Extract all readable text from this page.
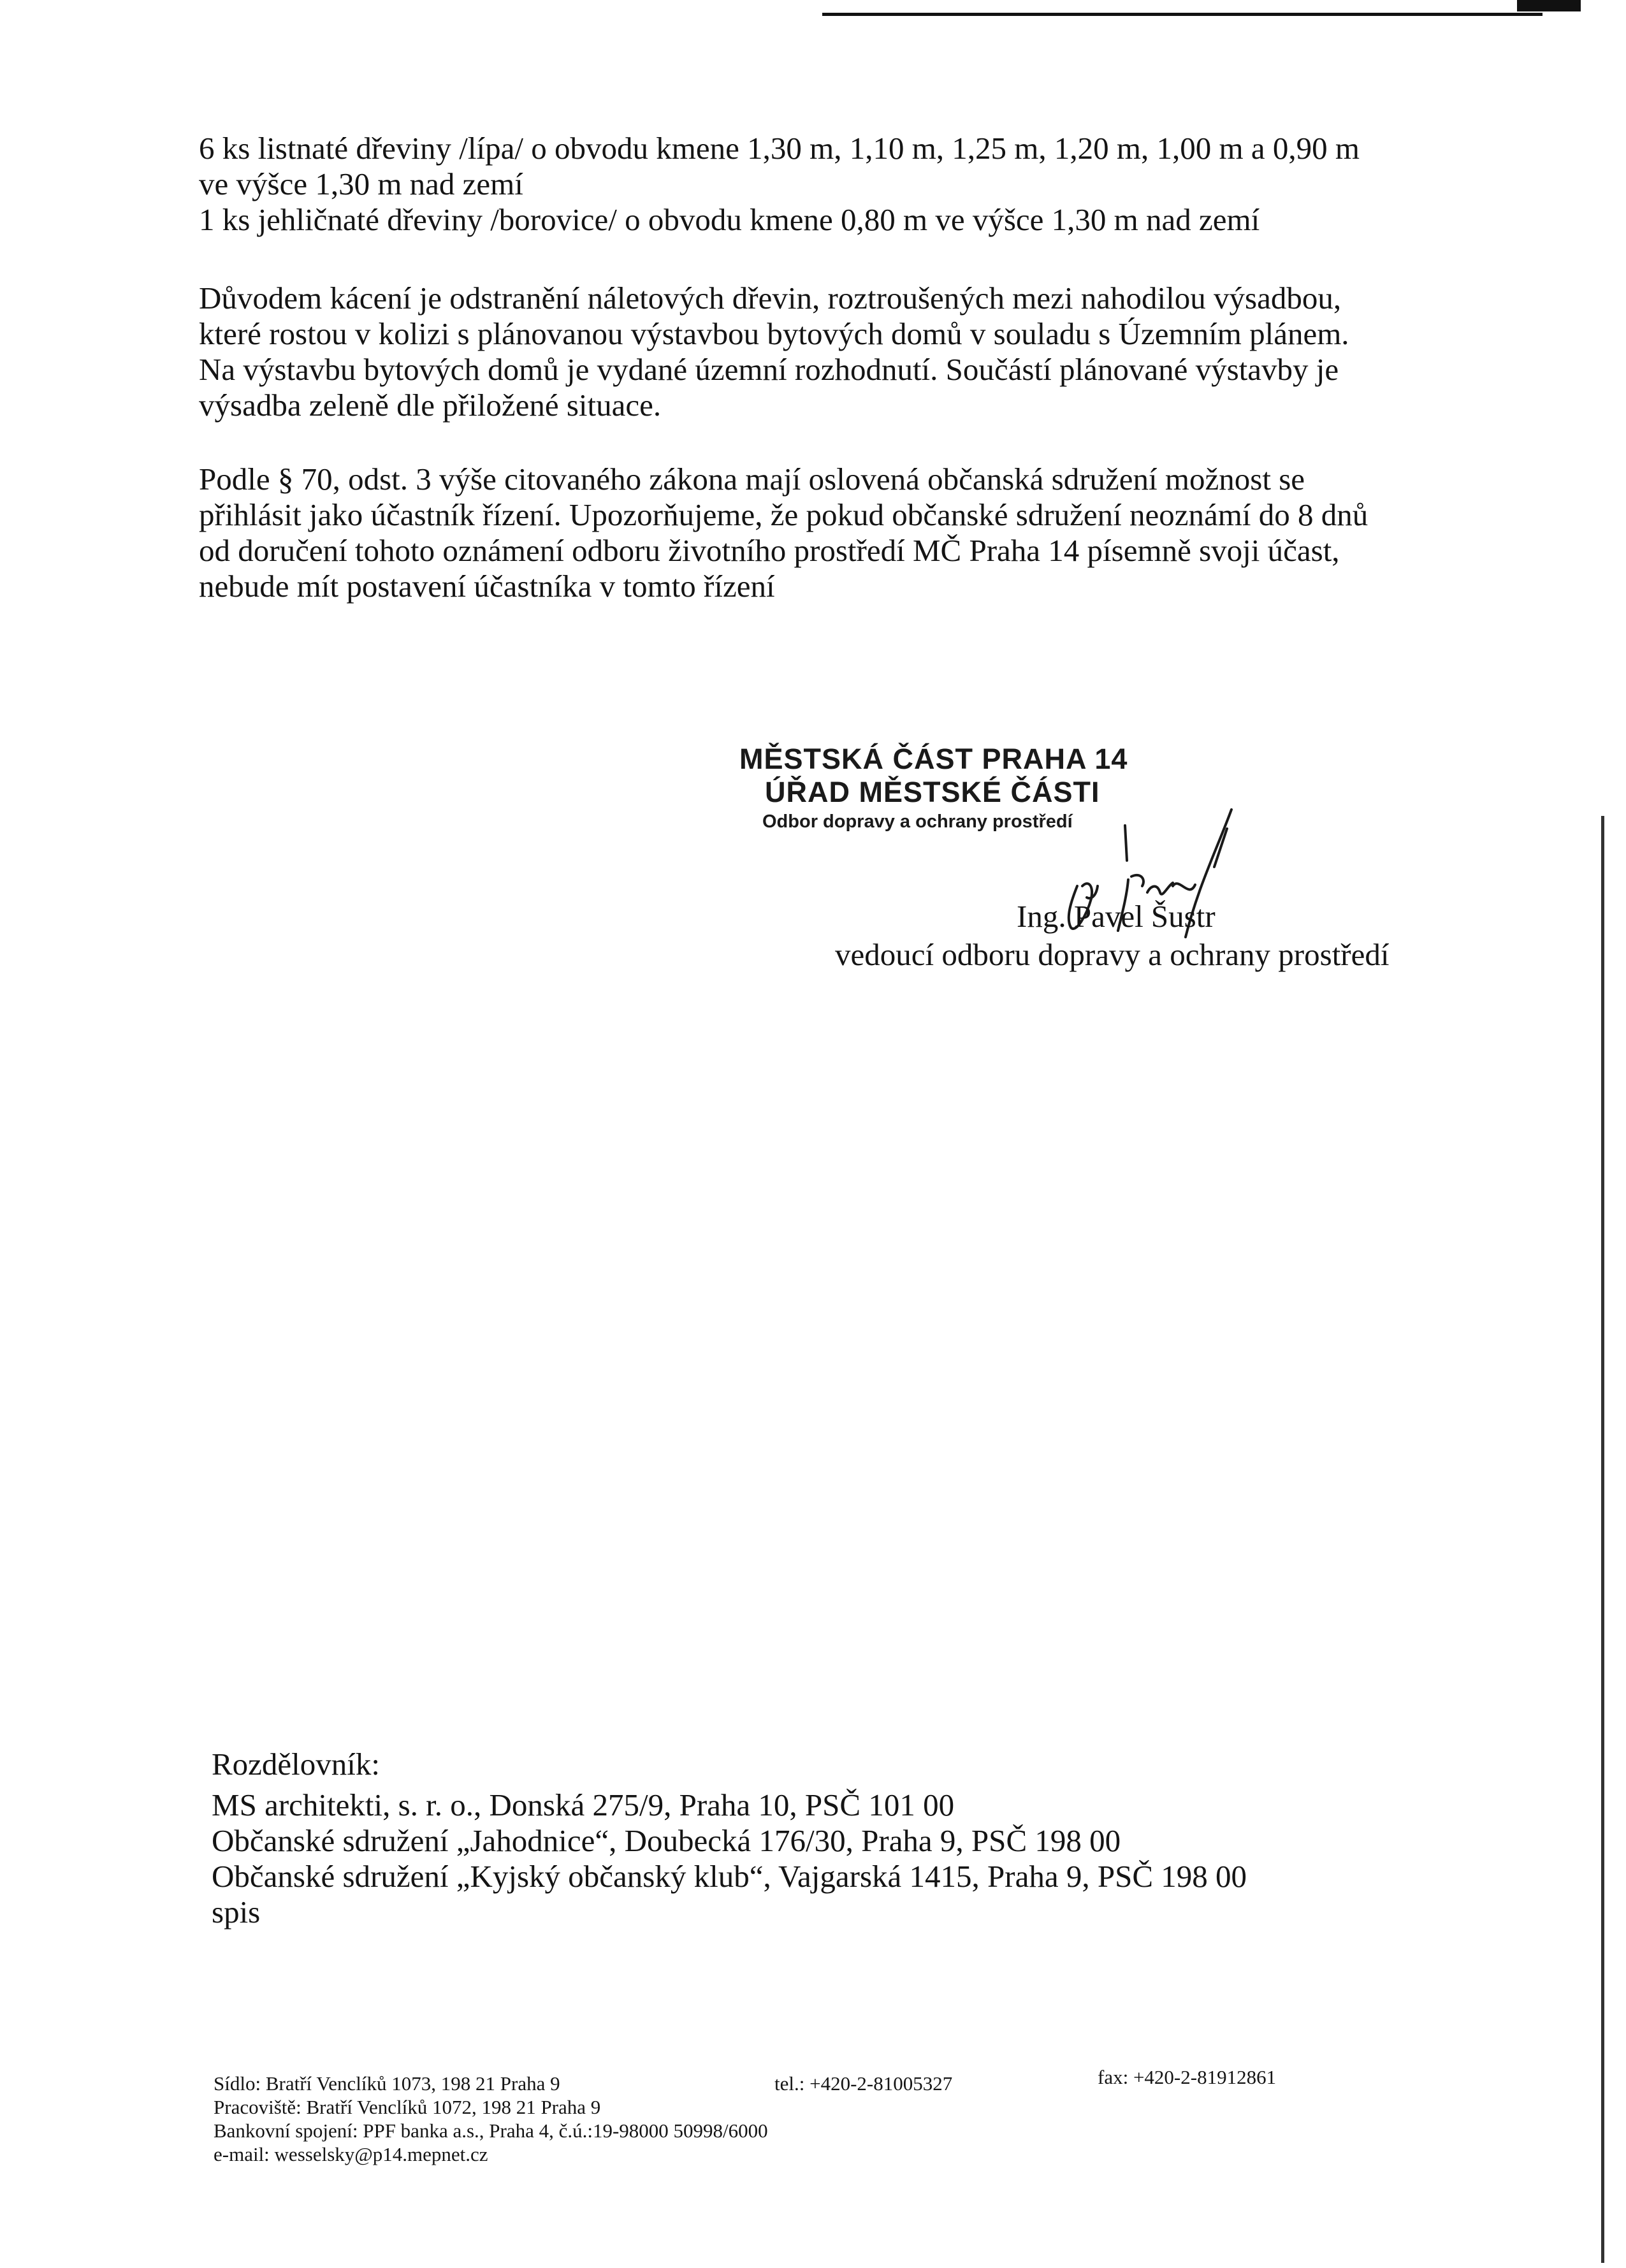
6 ks listnaté dřeviny /lípa/ o obvodu kmene 1,30 m, 1,10 m, 1,25 m, 1,20 m, 1,00 m a 0,90 m
ve výšce 1,30 m nad zemí
1 ks jehličnaté dřeviny /borovice/ o obvodu kmene 0,80 m ve výšce 1,30 m nad zemí

Důvodem kácení je odstranění náletových dřevin, roztroušených mezi nahodilou výsadbou,
které rostou v kolizi s plánovanou výstavbou bytových domů v souladu s Územním plánem.
Na výstavbu bytových domů je vydané územní rozhodnutí. Součástí plánované výstavby je
výsadba zeleně dle přiložené situace.

Podle § 70, odst. 3 výše citovaného zákona mají oslovená občanská sdružení možnost se
přihlásit jako účastník řízení. Upozorňujeme, že pokud občanské sdružení neoznámí do 8 dnů
od doručení tohoto oznámení odboru životního prostředí MČ Praha 14 písemně svoji účast,
nebude mít postavení účastníka v tomto řízení

MĚSTSKÁ ČÁST PRAHA 14
ÚŘAD MĚSTSKÉ ČÁSTI
Odbor dopravy a ochrany prostředí

Ing. Pavel Šustr

vedoucí odboru dopravy a ochrany prostředí

Rozdělovník:
MS architekti, s. r. o., Donská 275/9, Praha 10, PSČ 101 00
Občanské sdružení „Jahodnice“, Doubecká 176/30, Praha 9, PSČ 198 00
Občanské sdružení „Kyjský občanský klub“, Vajgarská 1415, Praha 9, PSČ 198 00
spis
Sídlo: Bratří Venclíků 1073, 198 21 Praha 9
Pracoviště: Bratří Venclíků 1072, 198 21 Praha 9
Bankovní spojení: PPF banka a.s., Praha 4, č.ú.:19-98000 50998/6000
e-mail: wesselsky@p14.mepnet.cz
tel.: +420-2-81005327	fax: +420-2-81912861
